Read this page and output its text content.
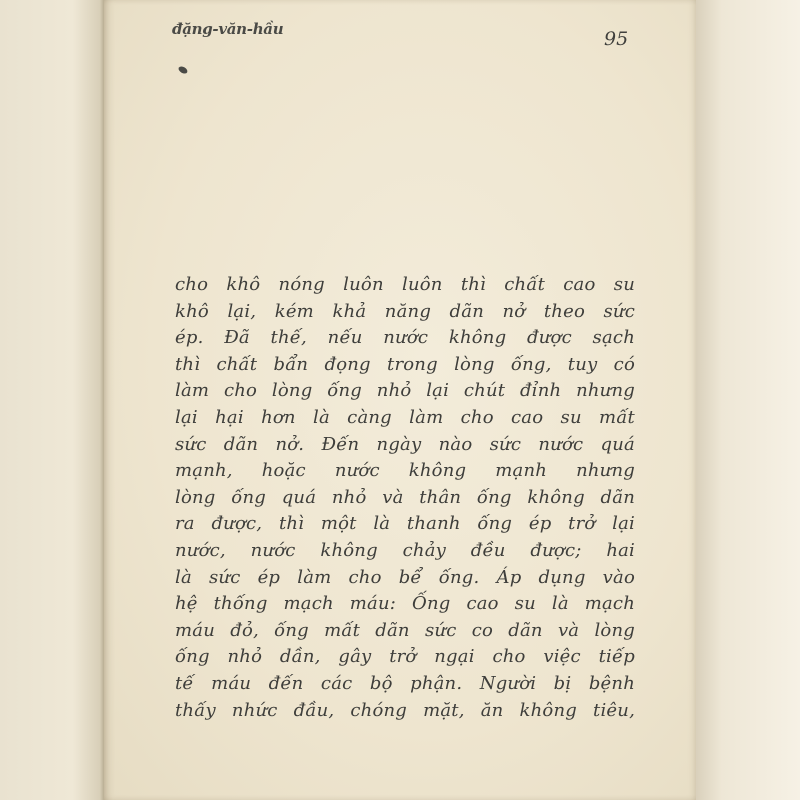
đặng-văn-hầu	95
cho khô nóng luôn luôn thì chất cao su
khô lại, kém khả năng dãn nở theo sức
ép. Đã thế, nếu nước không được sạch
thì chất bẩn đọng trong lòng ống, tuy có
làm cho lòng ống nhỏ lại chút đỉnh nhưng
lại hại hơn là càng làm cho cao su mất
sức dãn nở. Đến ngày nào sức nước quá
mạnh, hoặc nước không mạnh nhưng
lòng ống quá nhỏ và thân ống không dãn
ra được, thì một là thanh ống ép trở lại
nước, nước không chảy đều được; hai
là sức ép làm cho bể ống. Áp dụng vào
hệ thống mạch máu: Ống cao su là mạch
máu đỏ, ống mất dãn sức co dãn và lòng
ống nhỏ dần, gây trở ngại cho việc tiếp
tế máu đến các bộ phận. Người bị bệnh
thấy nhức đầu, chóng mặt, ăn không tiêu,
